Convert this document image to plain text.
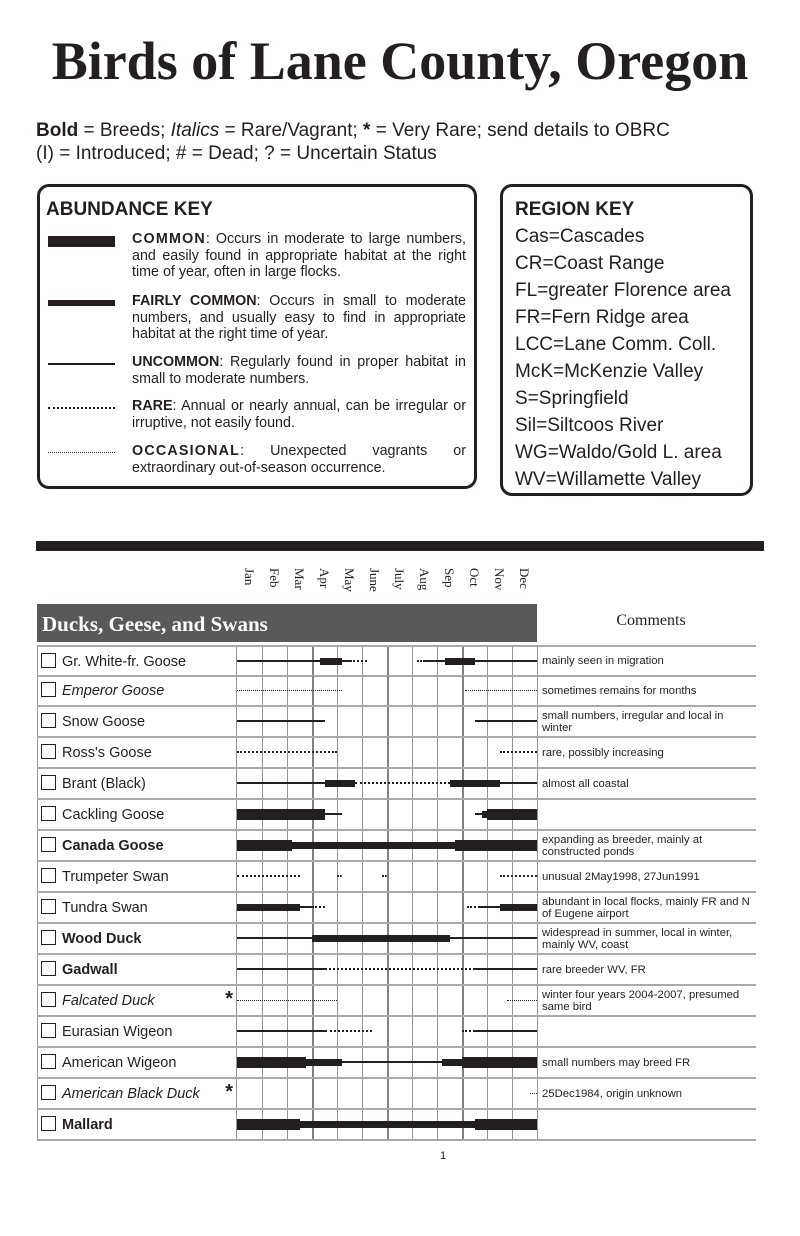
Birds of Lane County, Oregon
Bold = Breeds; Italics = Rare/Vagrant; * = Very Rare; send details to OBRC
(I) = Introduced; # = Dead; ? = Uncertain Status
ABUNDANCE KEY
COMMON: Occurs in moderate to large numbers, and easily found in appropriate habitat at the right time of year, often in large flocks.
FAIRLY COMMON: Occurs in small to moderate numbers, and usually easy to find in appropriate habitat at the right time of year.
UNCOMMON: Regularly found in proper habitat in small to moderate numbers.
RARE: Annual or nearly annual, can be irregular or irruptive, not easily found.
OCCASIONAL: Unexpected vagrants or extraordinary out-of-season occurrence.
REGION KEY
Cas=Cascades
CR=Coast Range
FL=greater Florence area
FR=Fern Ridge area
LCC=Lane Comm. Coll.
McK=McKenzie Valley
S=Springfield
Sil=Siltcoos River
WG=Waldo/Gold L. area
WV=Willamette Valley
Jan Feb Mar Apr May June July Aug Sep Oct Nov Dec
Ducks, Geese, and Swans	Comments
Gr. White-fr. Goose	mainly seen in migration
Emperor Goose	sometimes remains for months
Snow Goose	small numbers, irregular and local in winter
Ross's Goose	rare, possibly increasing
Brant (Black)	almost all coastal
Cackling Goose
Canada Goose	expanding as breeder, mainly at constructed ponds
Trumpeter Swan	unusual 2May1998, 27Jun1991
Tundra Swan	abundant in local flocks, mainly FR and N of Eugene airport
Wood Duck	widespread in summer, local in winter, mainly WV, coast
Gadwall	rare breeder WV, FR
Falcated Duck	*	winter four years 2004-2007, presumed same bird
Eurasian Wigeon
American Wigeon	small numbers may breed FR
American Black Duck *	25Dec1984, origin unknown
Mallard
1
